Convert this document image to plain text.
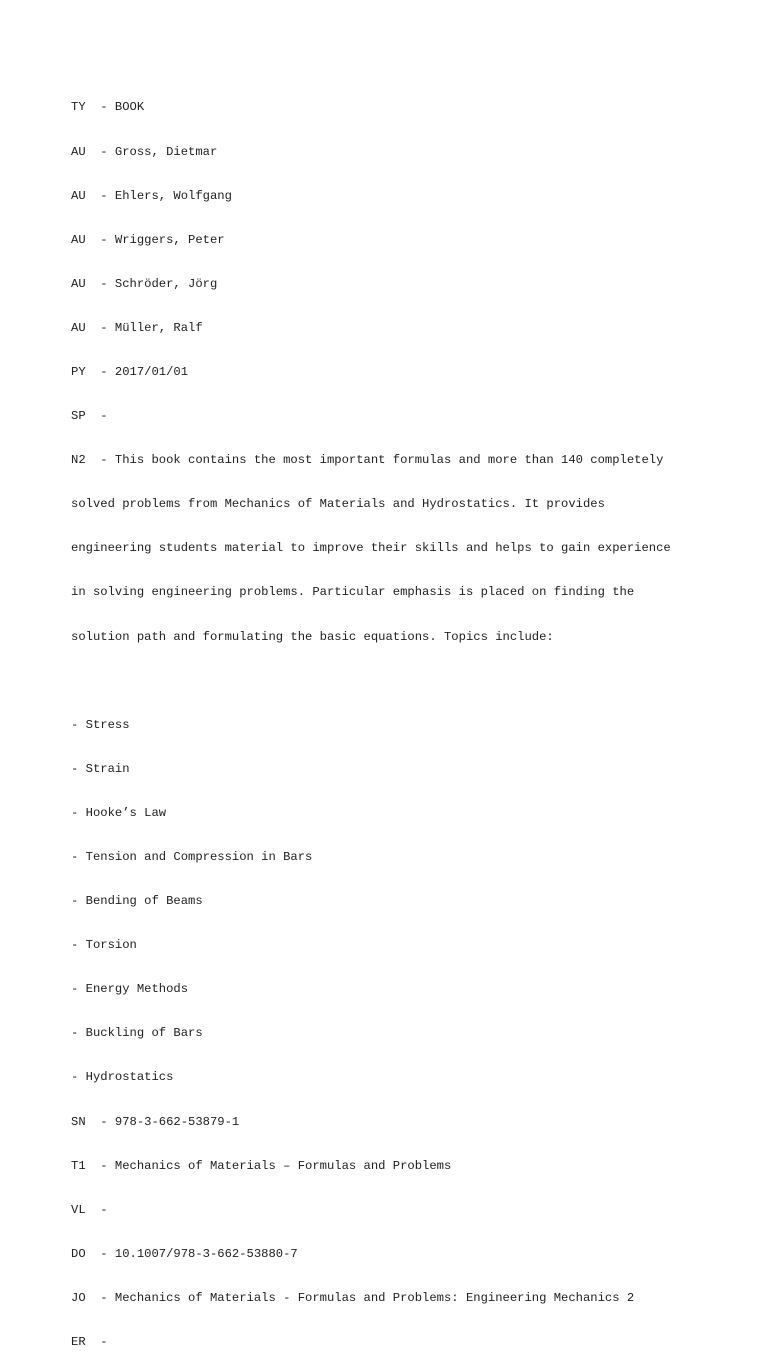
TY  - BOOK

AU  - Gross, Dietmar

AU  - Ehlers, Wolfgang

AU  - Wriggers, Peter

AU  - Schröder, Jörg

AU  - Müller, Ralf

PY  - 2017/01/01

SP  -

N2  - This book contains the most important formulas and more than 140 completely

solved problems from Mechanics of Materials and Hydrostatics. It provides

engineering students material to improve their skills and helps to gain experience

in solving engineering problems. Particular emphasis is placed on finding the

solution path and formulating the basic equations. Topics include:

- Stress

- Strain

- Hooke’s Law

- Tension and Compression in Bars

- Bending of Beams

- Torsion

- Energy Methods

- Buckling of Bars

- Hydrostatics

SN  - 978-3-662-53879-1

T1  - Mechanics of Materials – Formulas and Problems

VL  -

DO  - 10.1007/978-3-662-53880-7

JO  - Mechanics of Materials - Formulas and Problems: Engineering Mechanics 2

ER  -
